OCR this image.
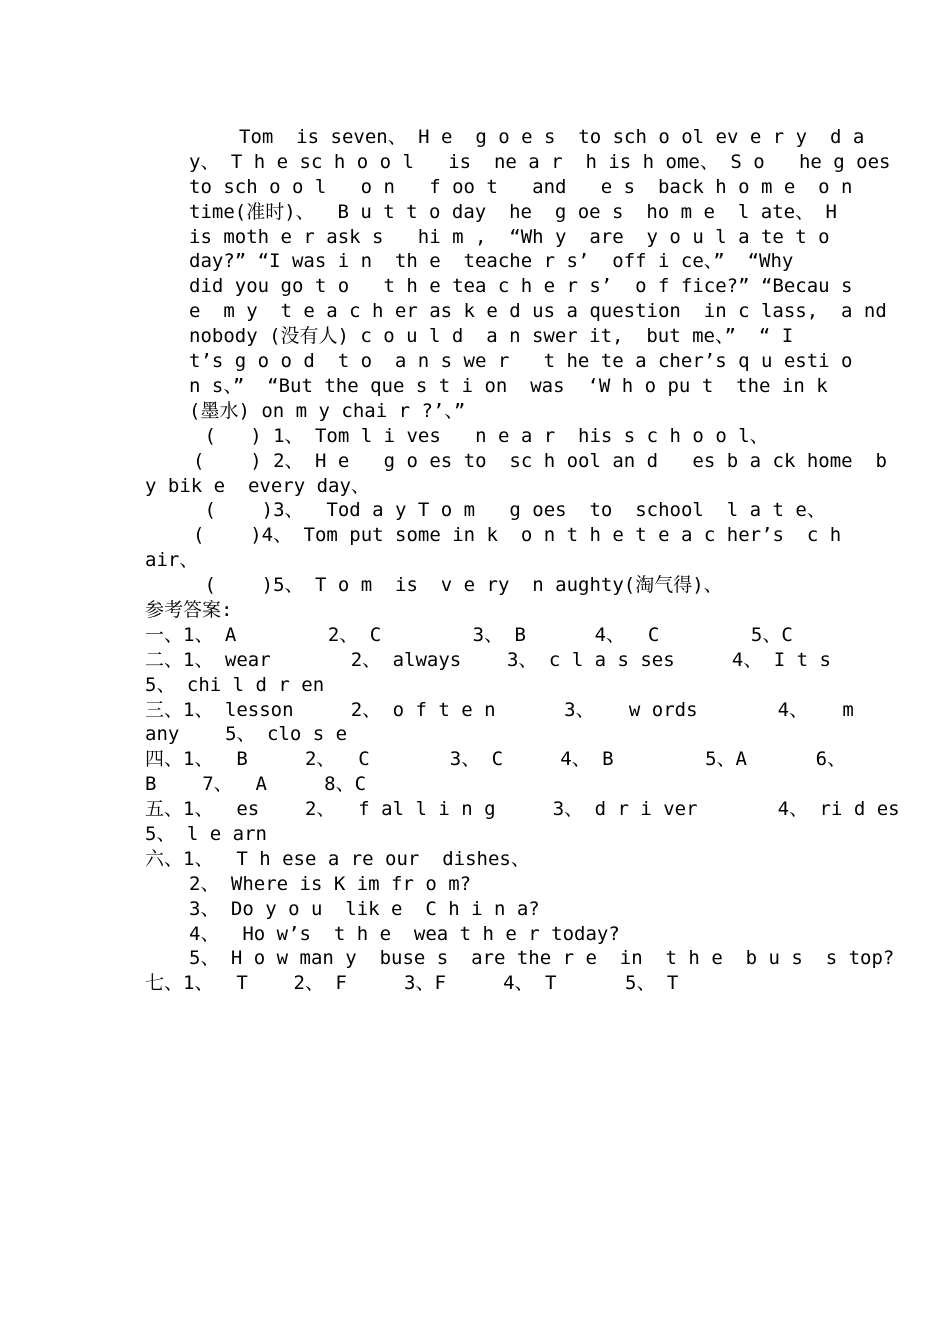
Tom  is seven、 H e  g o e s  to sch o ol ev e r y  d a
y、 T h e sc h o o l   is  ne a r  h is h ome、 S o   he g oes
to sch o o l   o n   f oo t   and   e s  back h o m e  o n
time(准时)、  B u t t o day  he  g oe s  ho m e  l ate、 H
is moth e r ask s   hi m ,  “Wh y  are  y o u l a te t o
day?” “I was i n  th e  teache r s’  off i ce、”  “Why
did you go t o   t h e tea c h e r s’  o f fice?” “Becau s
e  m y  t e a c h er as k e d us a question  in c lass,  a nd
nobody (没有人) c o u l d  a n swer it,  but me、”  “ I
t’s g o o d  t o  a n s we r   t he te a cher’s q u esti o
n s、”  “But the que s t i on  was  ‘W h o pu t  the in k
(墨水) on m y chai r ?’、”
(   ) 1、 Tom l i ves   n e a r  his s c h o o l、
(    ) 2、 H e   g o es to  sc h ool an d   es b a ck home  b
y bik e  every day、
(    )3、  Tod a y T o m   g oes  to  school  l a t e、
(    )4、 Tom put some in k  o n t h e t e a c her’s  c h
air、
(    )5、 T o m  is  v e ry  n aughty(淘气得)、
参考答案:
一、1、 A        2、 C        3、 B      4、  C        5、C
二、1、 wear       2、 always    3、 c l a s ses     4、 I t s
5、 chi l d r en
三、1、 lesson     2、 o f t e n      3、   w ords       4、   m
any    5、 clo s e
四、1、  B     2、  C       3、 C     4、 B        5、A      6、
B    7、  A     8、C
五、1、  es    2、  f al l i n g     3、 d r i ver       4、 ri d es
5、 l e arn
六、1、  T h ese a re our  dishes、
2、 Where is K im fr o m?
3、 Do y o u  lik e  C h i n a?
4、  Ho w’s  t h e  wea t h e r today?
5、 H o w man y  buse s  are the r e  in  t h e  b u s  s top?
七、1、  T    2、 F     3、F     4、 T      5、 T
